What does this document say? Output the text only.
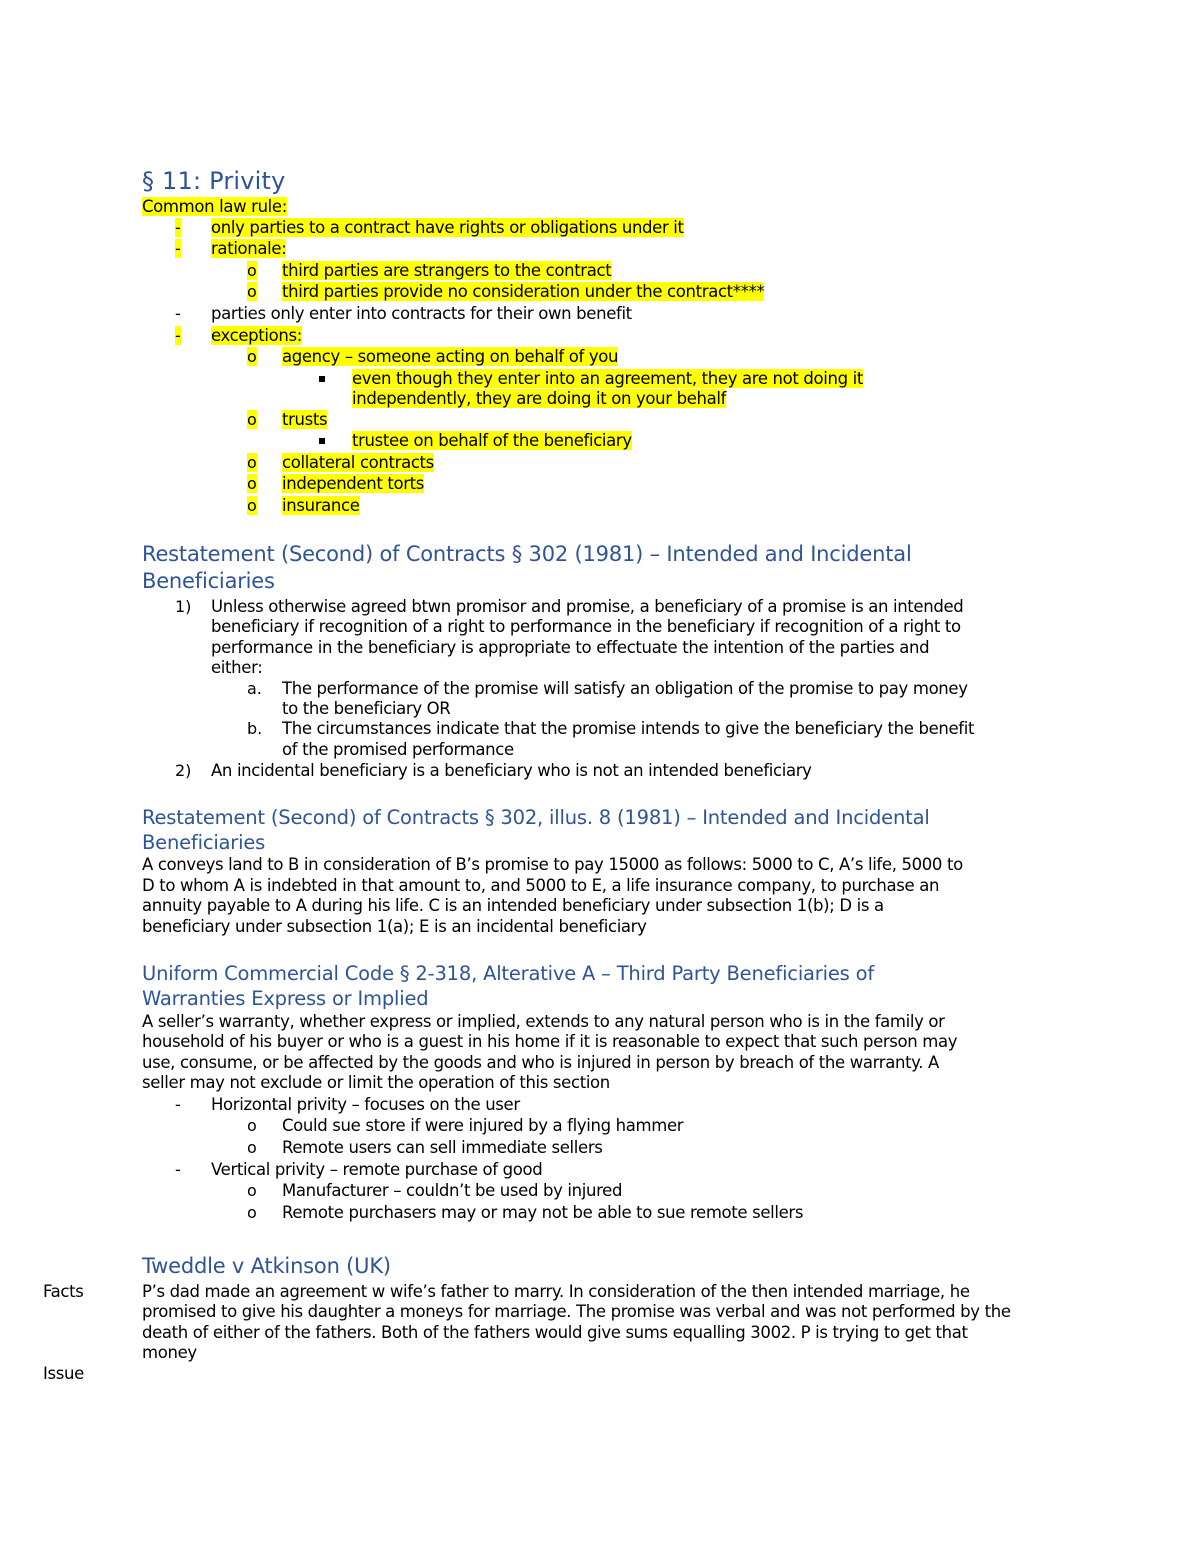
§ 11: Privity
Common law rule:
- only parties to a contract have rights or obligations under it
- rationale:
o third parties are strangers to the contract
o third parties provide no consideration under the contract****
- parties only enter into contracts for their own benefit
- exceptions:
o agency – someone acting on behalf of you
even though they enter into an agreement, they are not doing it
independently, they are doing it on your behalf
o trusts
trustee on behalf of the beneficiary
o collateral contracts
o independent torts
o insurance
Restatement (Second) of Contracts § 302 (1981) – Intended and Incidental
Beneficiaries
1) Unless otherwise agreed btwn promisor and promise, a beneficiary of a promise is an intended
beneficiary if recognition of a right to performance in the beneficiary if recognition of a right to
performance in the beneficiary is appropriate to effectuate the intention of the parties and
either:
a. The performance of the promise will satisfy an obligation of the promise to pay money
to the beneficiary OR
b. The circumstances indicate that the promise intends to give the beneficiary the benefit
of the promised performance
2) An incidental beneficiary is a beneficiary who is not an intended beneficiary
Restatement (Second) of Contracts § 302, illus. 8 (1981) – Intended and Incidental
Beneficiaries
A conveys land to B in consideration of B’s promise to pay 15000 as follows: 5000 to C, A’s life, 5000 to
D to whom A is indebted in that amount to, and 5000 to E, a life insurance company, to purchase an
annuity payable to A during his life. C is an intended beneficiary under subsection 1(b); D is a
beneficiary under subsection 1(a); E is an incidental beneficiary
Uniform Commercial Code § 2-318, Alterative A – Third Party Beneficiaries of
Warranties Express or Implied
A seller’s warranty, whether express or implied, extends to any natural person who is in the family or
household of his buyer or who is a guest in his home if it is reasonable to expect that such person may
use, consume, or be affected by the goods and who is injured in person by breach of the warranty. A
seller may not exclude or limit the operation of this section
- Horizontal privity – focuses on the user
o Could sue store if were injured by a flying hammer
o Remote users can sell immediate sellers
- Vertical privity – remote purchase of good
o Manufacturer – couldn’t be used by injured
o Remote purchasers may or may not be able to sue remote sellers
Tweddle v Atkinson (UK)
Facts	P’s dad made an agreement w wife’s father to marry. In consideration of the then intended marriage, he
promised to give his daughter a moneys for marriage. The promise was verbal and was not performed by the
death of either of the fathers. Both of the fathers would give sums equalling 3002. P is trying to get that
money
Issue
